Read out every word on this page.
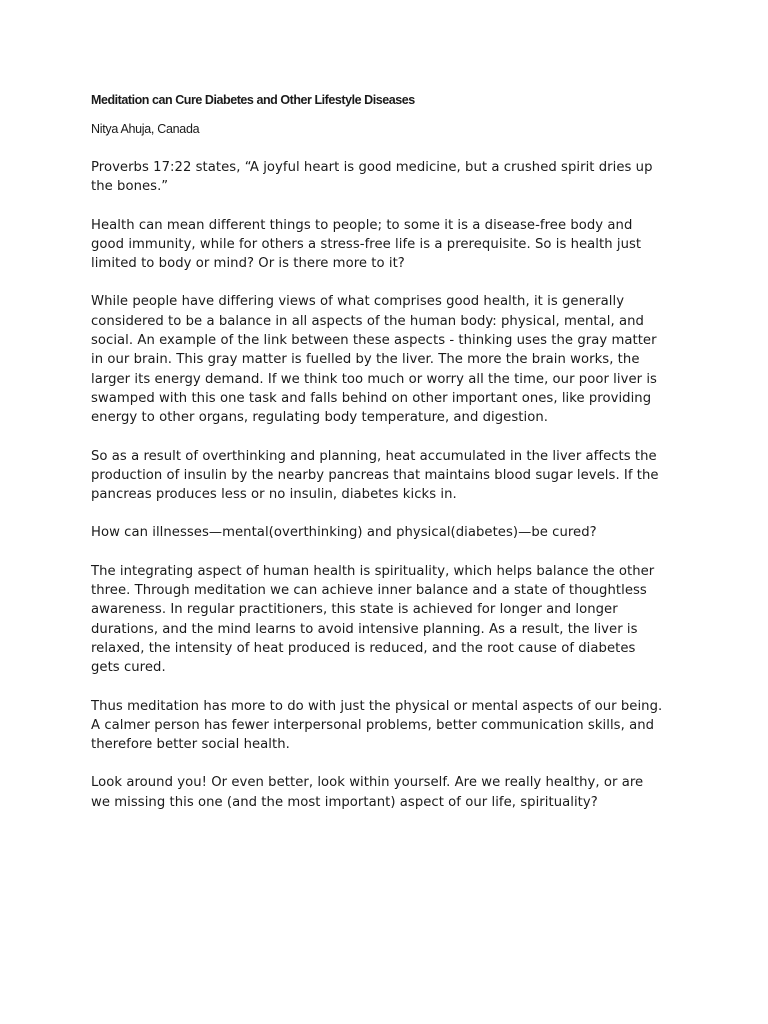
Meditation can Cure Diabetes and Other Lifestyle Diseases

Nitya Ahuja, Canada

Proverbs 17:22 states, “A joyful heart is good medicine, but a crushed spirit dries up
the bones.”

Health can mean different things to people; to some it is a disease-free body and
good immunity, while for others a stress-free life is a prerequisite. So is health just
limited to body or mind? Or is there more to it?

While people have differing views of what comprises good health, it is generally
considered to be a balance in all aspects of the human body: physical, mental, and
social. An example of the link between these aspects - thinking uses the gray matter
in our brain. This gray matter is fuelled by the liver. The more the brain works, the
larger its energy demand. If we think too much or worry all the time, our poor liver is
swamped with this one task and falls behind on other important ones, like providing
energy to other organs, regulating body temperature, and digestion.

So as a result of overthinking and planning, heat accumulated in the liver affects the
production of insulin by the nearby pancreas that maintains blood sugar levels. If the
pancreas produces less or no insulin, diabetes kicks in.

How can illnesses—mental(overthinking) and physical(diabetes)—be cured?

The integrating aspect of human health is spirituality, which helps balance the other
three. Through meditation we can achieve inner balance and a state of thoughtless
awareness. In regular practitioners, this state is achieved for longer and longer
durations, and the mind learns to avoid intensive planning. As a result, the liver is
relaxed, the intensity of heat produced is reduced, and the root cause of diabetes
gets cured.

Thus meditation has more to do with just the physical or mental aspects of our being.
A calmer person has fewer interpersonal problems, better communication skills, and
therefore better social health.

Look around you! Or even better, look within yourself. Are we really healthy, or are
we missing this one (and the most important) aspect of our life, spirituality?
